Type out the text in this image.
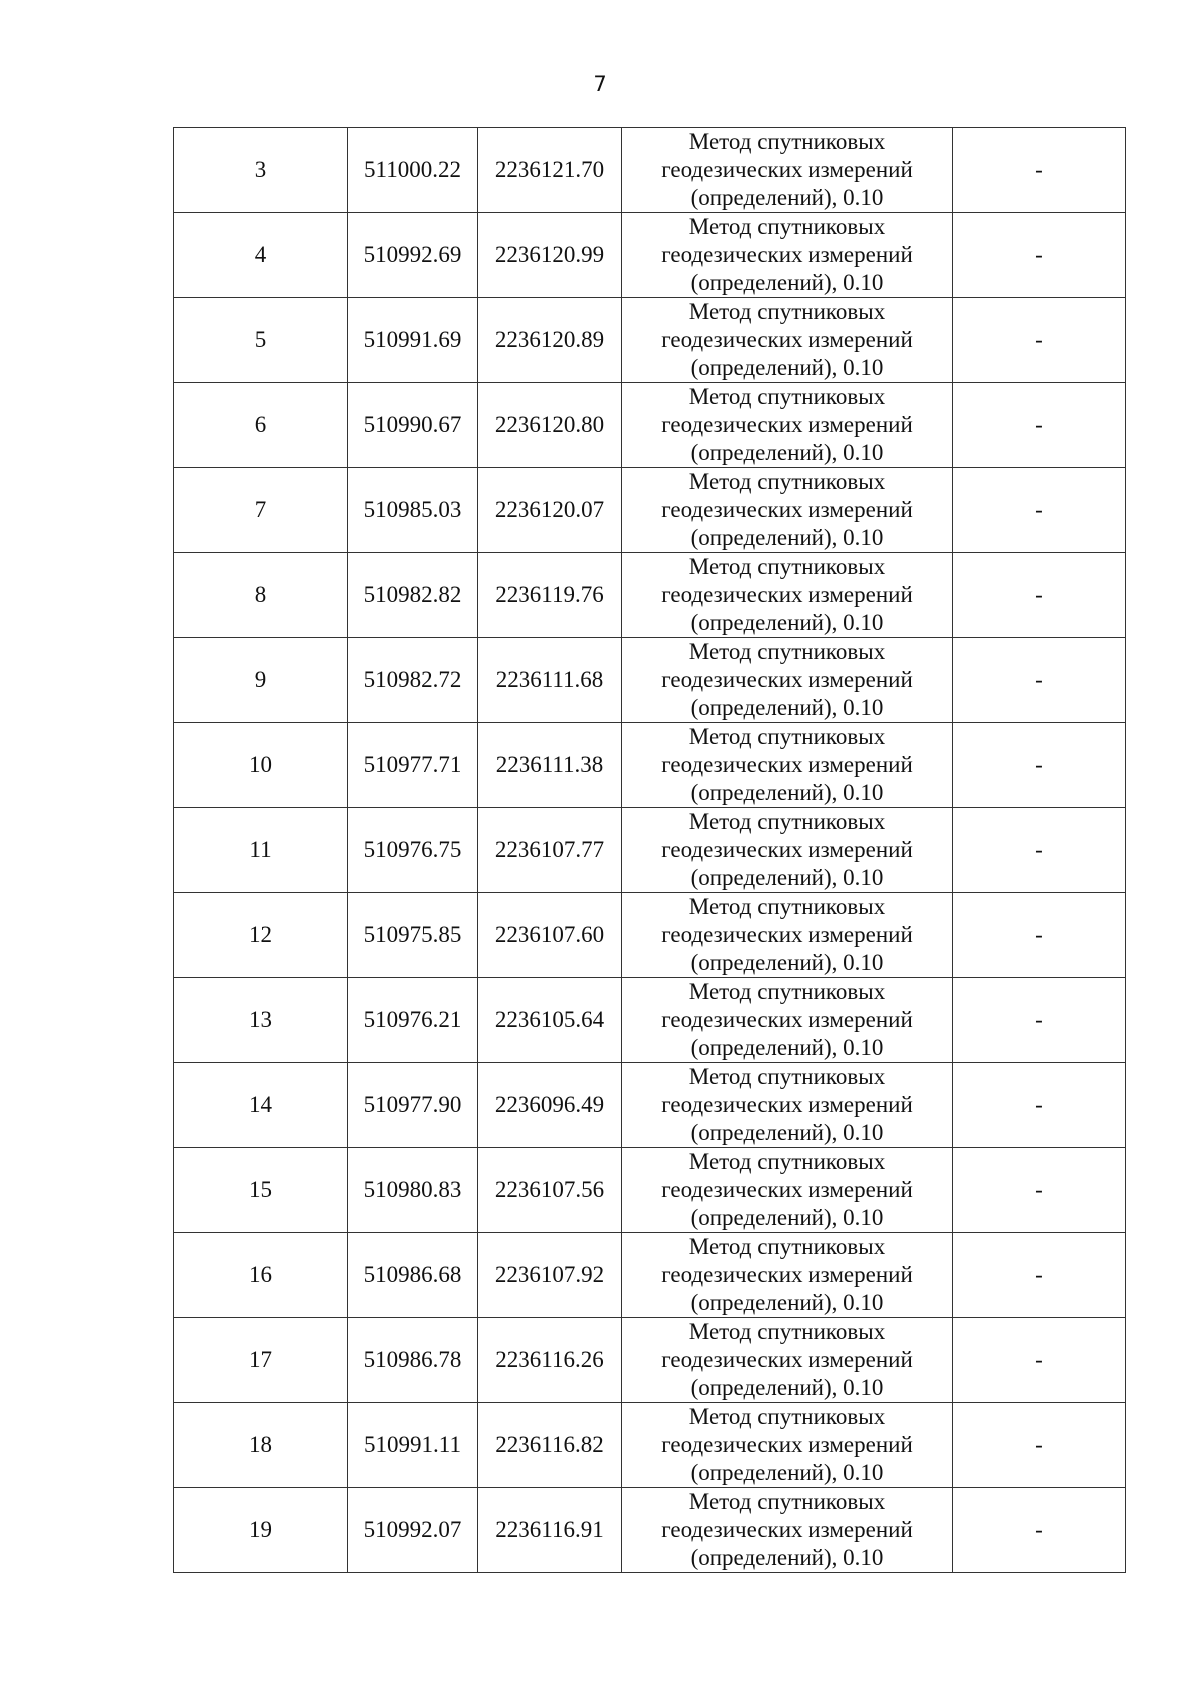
7
3	511000.22	2236121.70	Метод спутниковых
геодезических измерений
(определений), 0.10	-
4	510992.69	2236120.99	Метод спутниковых
геодезических измерений
(определений), 0.10	-
5	510991.69	2236120.89	Метод спутниковых
геодезических измерений
(определений), 0.10	-
6	510990.67	2236120.80	Метод спутниковых
геодезических измерений
(определений), 0.10	-
7	510985.03	2236120.07	Метод спутниковых
геодезических измерений
(определений), 0.10	-
8	510982.82	2236119.76	Метод спутниковых
геодезических измерений
(определений), 0.10	-
9	510982.72	2236111.68	Метод спутниковых
геодезических измерений
(определений), 0.10	-
10	510977.71	2236111.38	Метод спутниковых
геодезических измерений
(определений), 0.10	-
11	510976.75	2236107.77	Метод спутниковых
геодезических измерений
(определений), 0.10	-
12	510975.85	2236107.60	Метод спутниковых
геодезических измерений
(определений), 0.10	-
13	510976.21	2236105.64	Метод спутниковых
геодезических измерений
(определений), 0.10	-
14	510977.90	2236096.49	Метод спутниковых
геодезических измерений
(определений), 0.10	-
15	510980.83	2236107.56	Метод спутниковых
геодезических измерений
(определений), 0.10	-
16	510986.68	2236107.92	Метод спутниковых
геодезических измерений
(определений), 0.10	-
17	510986.78	2236116.26	Метод спутниковых
геодезических измерений
(определений), 0.10	-
18	510991.11	2236116.82	Метод спутниковых
геодезических измерений
(определений), 0.10	-
19	510992.07	2236116.91	Метод спутниковых
геодезических измерений
(определений), 0.10	-
